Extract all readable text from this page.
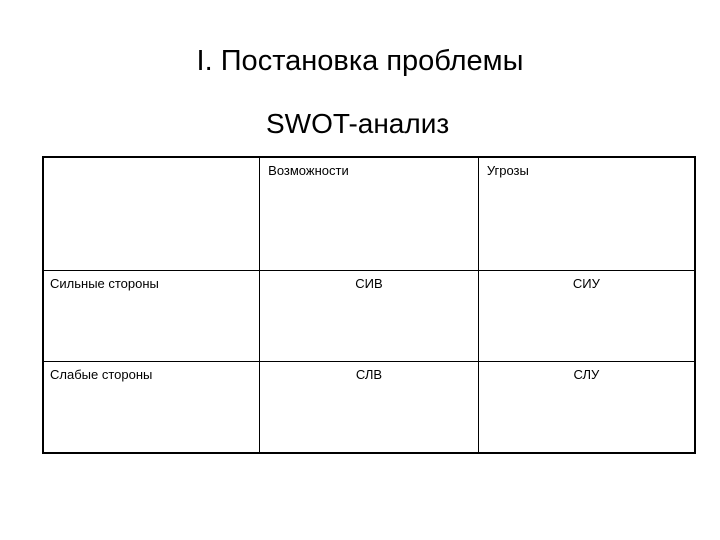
I. Постановка проблемы
SWOT-анализ

	Возможности	Угрозы

Сильные стороны	СИВ	СИУ

Слабые стороны	СЛВ	СЛУ
